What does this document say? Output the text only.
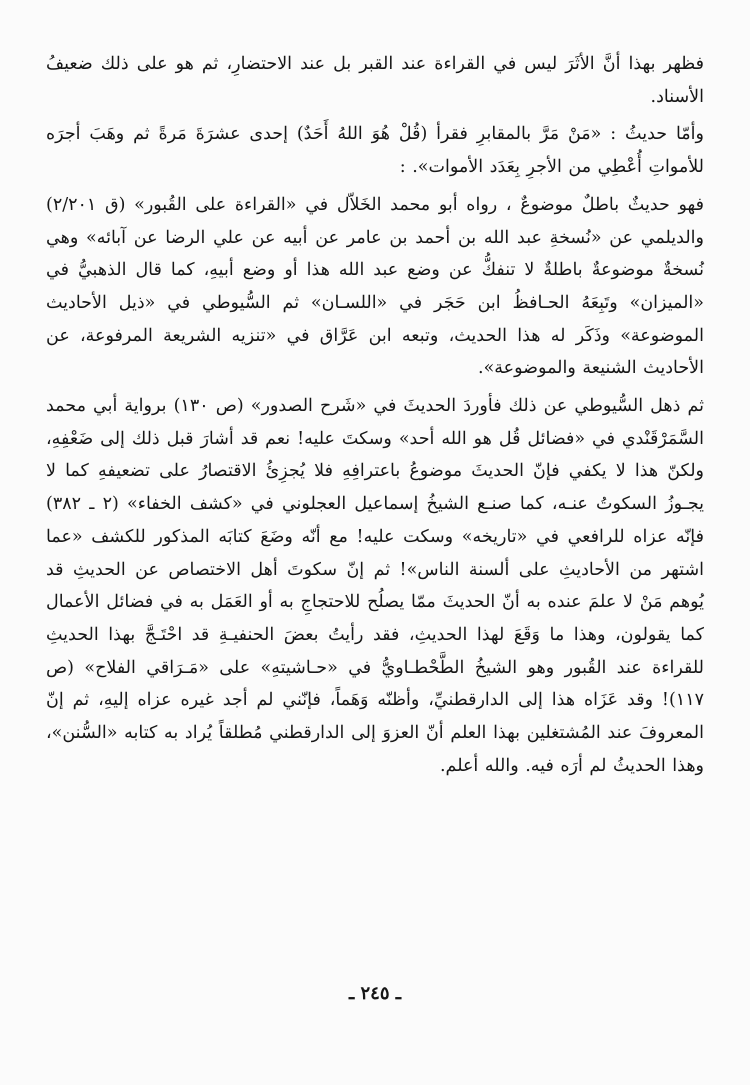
فظهر بهذا أنَّ الأثَرَ ليس في القراءة عند القبر بل عند الاحتضارِ، ثم هو على ذلك ضعيفُ الأسناد.

وأمّا حديثُ : «مَنْ مَرَّ بالمقابرِ فقرأ (قُلْ هُوَ اللهُ أَحَدٌ) إحدى عشرَةَ مَرةً ثم وهَبَ أجرَه للأمواتِ أُعْطِي من الأجرِ بِعَدَد الأموات». :

فهو حديثٌ باطلٌ موضوعٌ ، رواه أبو محمد الخَلاّل في «القراءة على القُبور» (ق ٢/٢٠١) والديلمي عن «نُسخةِ عبد الله بن أحمد بن عامر عن أبيه عن علي الرضا عن آبائه» وهي نُسخةٌ موضوعةٌ باطلةٌ لا تنفكُّ عن وضع عبد الله هذا أو وضع أبيهِ، كما قال الذهبيُّ في «الميزان» وتَبِعَهُ الحـافظُ ابن حَجَر في «اللسـان» ثم السُّيوطي في «ذيل الأحاديث الموضوعة» وذَكَر له هذا الحديث، وتبعه ابن عَرَّاق في «تنزيه الشريعة المرفوعة، عن الأحاديث الشنيعة والموضوعة».

ثم ذهل السُّيوطي عن ذلك فأوردَ الحديثَ في «شَرح الصدور» (ص ١٣٠) برواية أبي محمد السَّمَرْقَنْدي في «فضائل قُل هو الله أحد» وسكتَ عليه! نعم قد أشارَ قبل ذلك إلى ضَعْفِهِ، ولكنّ هذا لا يكفي فإنّ الحديثَ موضوعُ باعترافِهِ فلا يُجزِئُ الاقتصارُ على تضعيفهِ كما لا يجـوزُ السكوتُ عنـه، كما صنـع الشيخُ إسماعيل العجلوني في «كشف الخفاء» (٢ ـ ٣٨٢) فإنّه عزاه للرافعي في «تاريخه» وسكت عليه! مع أنّه وضَعَ كتابَه المذكور للكشف «عما اشتهر من الأحاديثِ على ألسنة الناس»! ثم إنّ سكوتَ أهل الاختصاص عن الحديثِ قد يُوهم مَنْ لا علمَ عنده به أنّ الحديثَ ممّا يصلُح للاحتجاجِ به أو العَمَل به في فضائل الأعمال كما يقولون، وهذا ما وَقَعَ لهذا الحديثِ، فقد رأيتُ بعضَ الحنفيـةِ قد احْتَـجَّ بهذا الحديثِ للقراءة عند القُبور وهو الشيخُ الطَّحْطـاويُّ في «حـاشيتهِ» على «مَـرَاقي الفلاح» (ص ١١٧)! وقد عَزَاه هذا إلى الدارقطنيِّ، وأظنّه وَهَماً، فإنّني لم أجد غيره عزاه إليهِ، ثم إنّ المعروفَ عند المُشتغلين بهذا العلم أنّ العزوَ إلى الدارقطني مُطلقاً يُراد به كتابه «السُّنن»، وهذا الحديثُ لم أرَه فيه. والله أعلم.

ـ ٢٤٥ ـ
